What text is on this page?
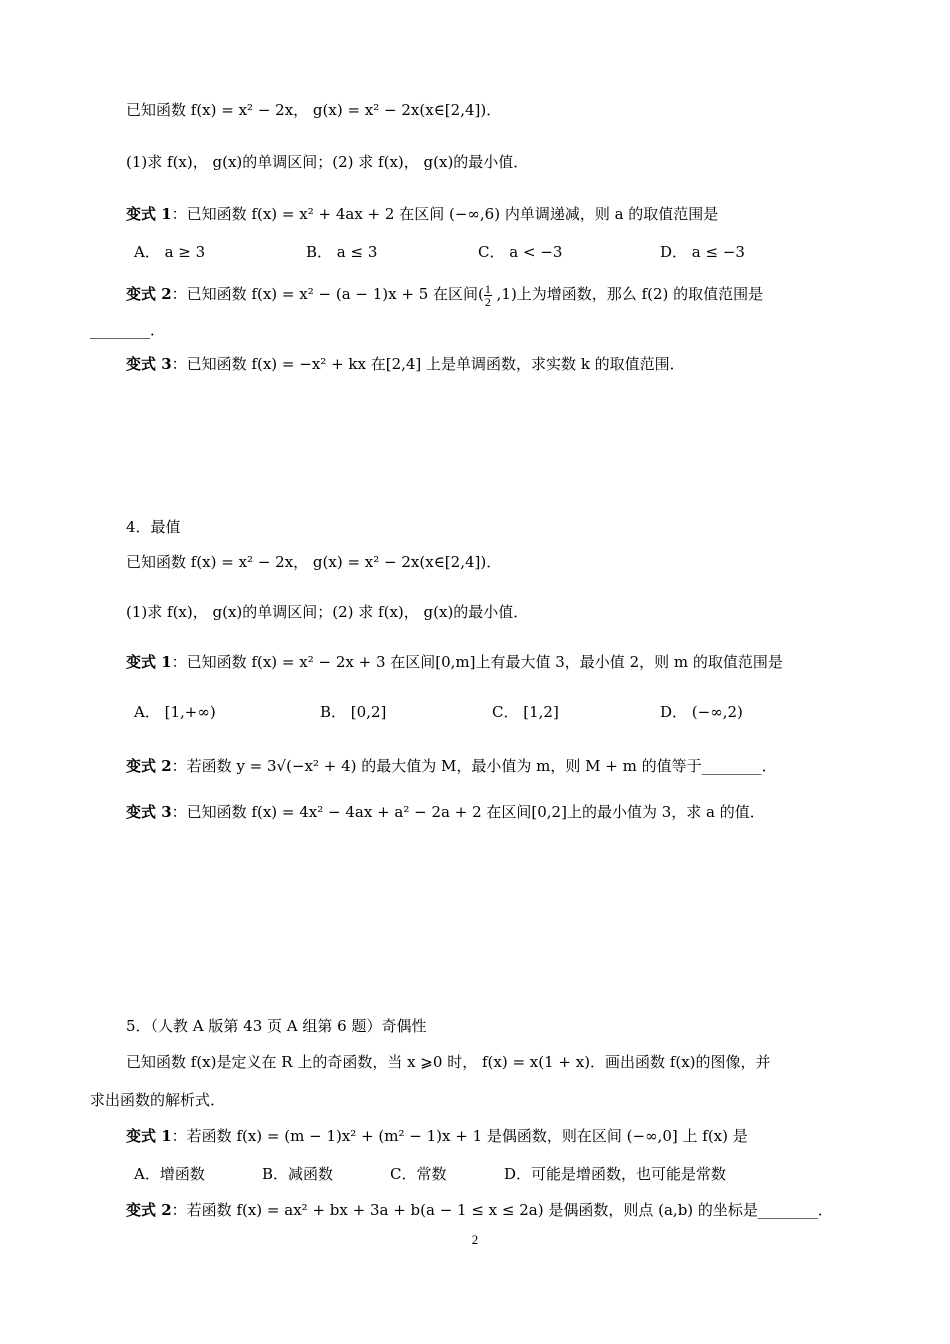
已知函数 f(x) = x² − 2x， g(x) = x² − 2x(x∈[2,4])．
(1)求 f(x)， g(x)的单调区间；(2) 求 f(x)， g(x)的最小值．
变式 1：已知函数 f(x) = x² + 4ax + 2 在区间 (−∞,6) 内单调递减，则 a 的取值范围是
A． a ≥ 3	B． a ≤ 3	C． a < −3	D． a ≤ −3
变式 2：已知函数 f(x) = x² − (a − 1)x + 5 在区间( $\frac{1}{2} ,1$)上为增函数，那么 f(2) 的取值范围是
________．
变式 3：已知函数 f(x) = −x² + kx 在[2,4] 上是单调函数，求实数 k 的取值范围．
4．最值
已知函数 f(x) = x² − 2x， g(x) = x² − 2x(x∈[2,4])．
(1)求 f(x)， g(x)的单调区间；(2) 求 f(x)， g(x)的最小值．
变式 1：已知函数 f(x) = x² − 2x + 3 在区间[0,m]上有最大值 3，最小值 2，则 m 的取值范围是
A． [1,+∞)	B． [0,2]	C． [1,2]	D． (−∞,2)
变式 2：若函数 y = 3√(−x² + 4) 的最大值为 M，最小值为 m，则 M + m 的值等于________．
变式 3：已知函数 f(x) = 4x² − 4ax + a² − 2a + 2 在区间[0,2]上的最小值为 3，求 a 的值．
5．（人教 A 版第 43 页 A 组第 6 题）奇偶性
已知函数 f(x)是定义在 R 上的奇函数，当 x ⩾0 时， f(x) = x(1 + x)．画出函数 f(x)的图像，并
求出函数的解析式．
变式 1：若函数 f(x) = (m − 1)x² + (m² − 1)x + 1 是偶函数，则在区间 (−∞,0] 上 f(x) 是
A．增函数	B．减函数	C．常数	D．可能是增函数，也可能是常数
变式 2：若函数 f(x) = ax² + bx + 3a + b(a − 1 ≤ x ≤ 2a) 是偶函数，则点 (a,b) 的坐标是________．
2
